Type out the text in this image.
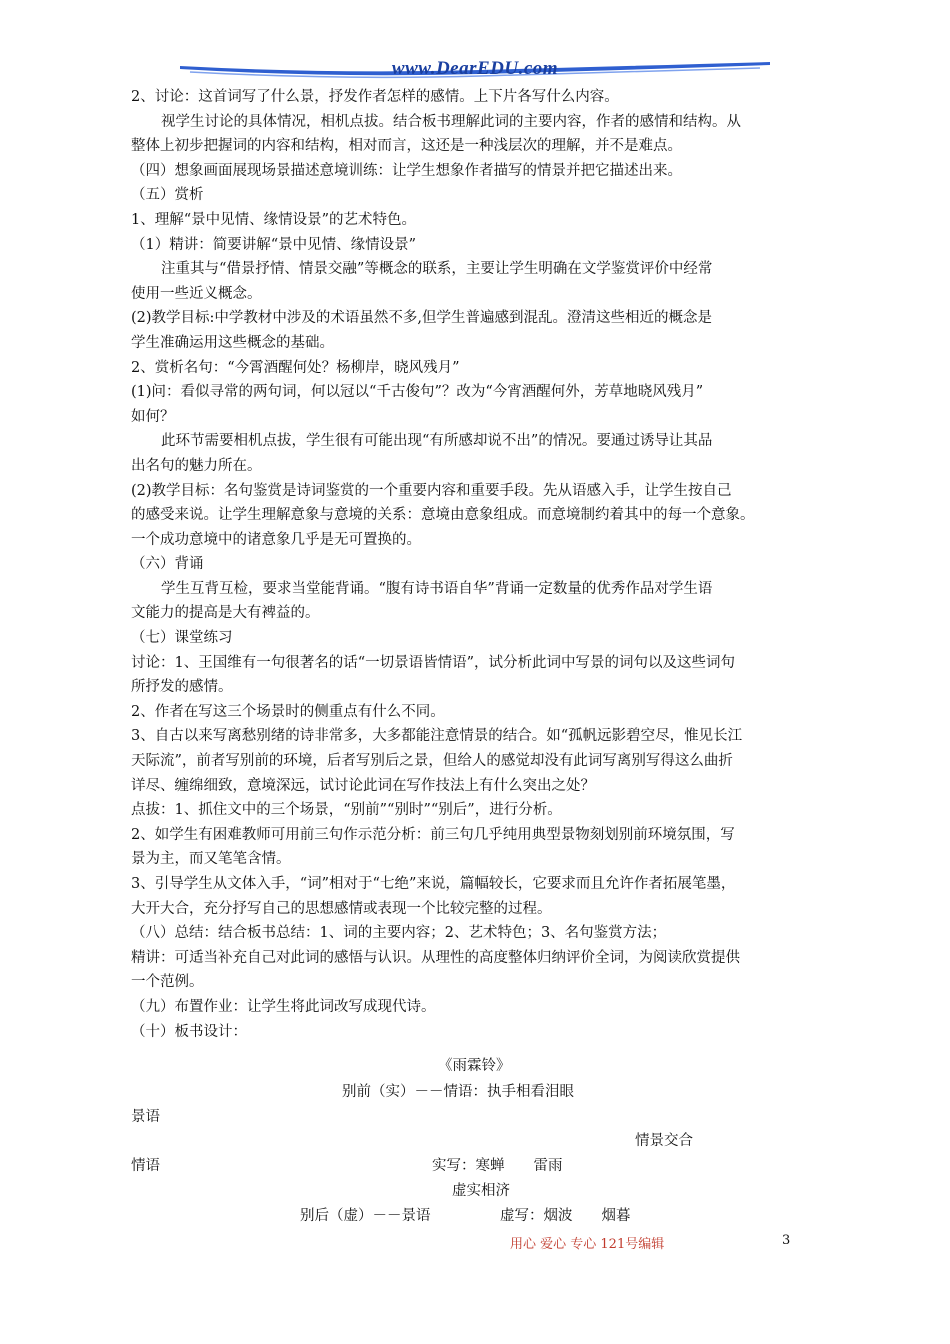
www.DearEDU.com
2、讨论：这首词写了什么景，抒发作者怎样的感情。上下片各写什么内容。
视学生讨论的具体情况，相机点拔。结合板书理解此词的主要内容，作者的感情和结构。从
整体上初步把握词的内容和结构，相对而言，这还是一种浅层次的理解，并不是难点。
（四）想象画面展现场景描述意境训练：让学生想象作者描写的情景并把它描述出来。
（五）赏析
1、理解“景中见情、缘情设景”的艺术特色。
（1）精讲：简要讲解“景中见情、缘情设景”
注重其与“借景抒情、情景交融”等概念的联系，主要让学生明确在文学鉴赏评价中经常
使用一些近义概念。
(2)教学目标:中学教材中涉及的术语虽然不多,但学生普遍感到混乱。澄清这些相近的概念是
学生准确运用这些概念的基础。
2、赏析名句：“今霄酒醒何处？杨柳岸，晓风残月”
(1)问：看似寻常的两句词，何以冠以“千古俊句”？改为“今宵酒醒何外，芳草地晓风残月”
如何？
此环节需要相机点拔，学生很有可能出现“有所感却说不出”的情况。要通过诱导让其品
出名句的魅力所在。
(2)教学目标：名句鉴赏是诗词鉴赏的一个重要内容和重要手段。先从语感入手，让学生按自己
的感受来说。让学生理解意象与意境的关系：意境由意象组成。而意境制约着其中的每一个意象。
一个成功意境中的诸意象几乎是无可置换的。
（六）背诵
学生互背互检，要求当堂能背诵。“腹有诗书语自华”背诵一定数量的优秀作品对学生语
文能力的提高是大有裨益的。
（七）课堂练习
讨论：1、王国维有一句很著名的话“一切景语皆情语”，试分析此词中写景的词句以及这些词句
所抒发的感情。
2、作者在写这三个场景时的侧重点有什么不同。
3、自古以来写离愁别绪的诗非常多，大多都能注意情景的结合。如“孤帆远影碧空尽，惟见长江
天际流”，前者写别前的环境，后者写别后之景，但给人的感觉却没有此词写离别写得这么曲折
详尽、缠绵细致，意境深远，试讨论此词在写作技法上有什么突出之处？
点拔：1、抓住文中的三个场景，“别前”“别时”“别后”，进行分析。
2、如学生有困难教师可用前三句作示范分析：前三句几乎纯用典型景物刻划别前环境氛围，写
景为主，而又笔笔含情。
3、引导学生从文体入手，“词”相对于“七绝”来说，篇幅较长，它要求而且允许作者拓展笔墨，
大开大合，充分抒写自己的思想感情或表现一个比较完整的过程。
（八）总结：结合板书总结：1、词的主要内容；2、艺术特色；3、名句鉴赏方法；
精讲：可适当补充自己对此词的感悟与认识。从理性的高度整体归纳评价全词，为阅读欣赏提供
一个范例。
（九）布置作业：让学生将此词改写成现代诗。
（十）板书设计：
《雨霖铃》
别前（实）－－情语：执手相看泪眼
景语
情景交合
情语	实写：寒蝉　　雷雨
虚实相济
别后（虚）－－景语	虚写：烟波　　烟暮
用心 爱心 专心 121号编辑	3
